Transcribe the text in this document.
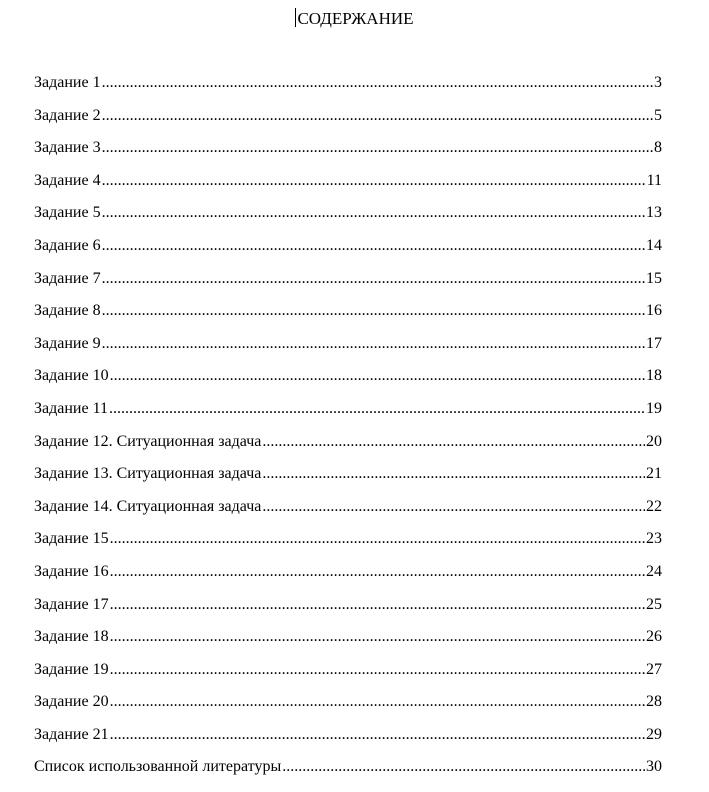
СОДЕРЖАНИЕ
Задание 1 .....	3
Задание 2 .....	5
Задание 3 .....	8
Задание 4 .....	11
Задание 5 .....	13
Задание 6 .....	14
Задание 7 .....	15
Задание 8 .....	16
Задание 9 .....	17
Задание 10 .....	18
Задание 11 .....	19
Задание 12. Ситуационная задача .....	20
Задание 13. Ситуационная задача .....	21
Задание 14. Ситуационная задача .....	22
Задание 15 .....	23
Задание 16 .....	24
Задание 17 .....	25
Задание 18 .....	26
Задание 19 .....	27
Задание 20 .....	28
Задание 21 .....	29
Список использованной литературы .....	30
